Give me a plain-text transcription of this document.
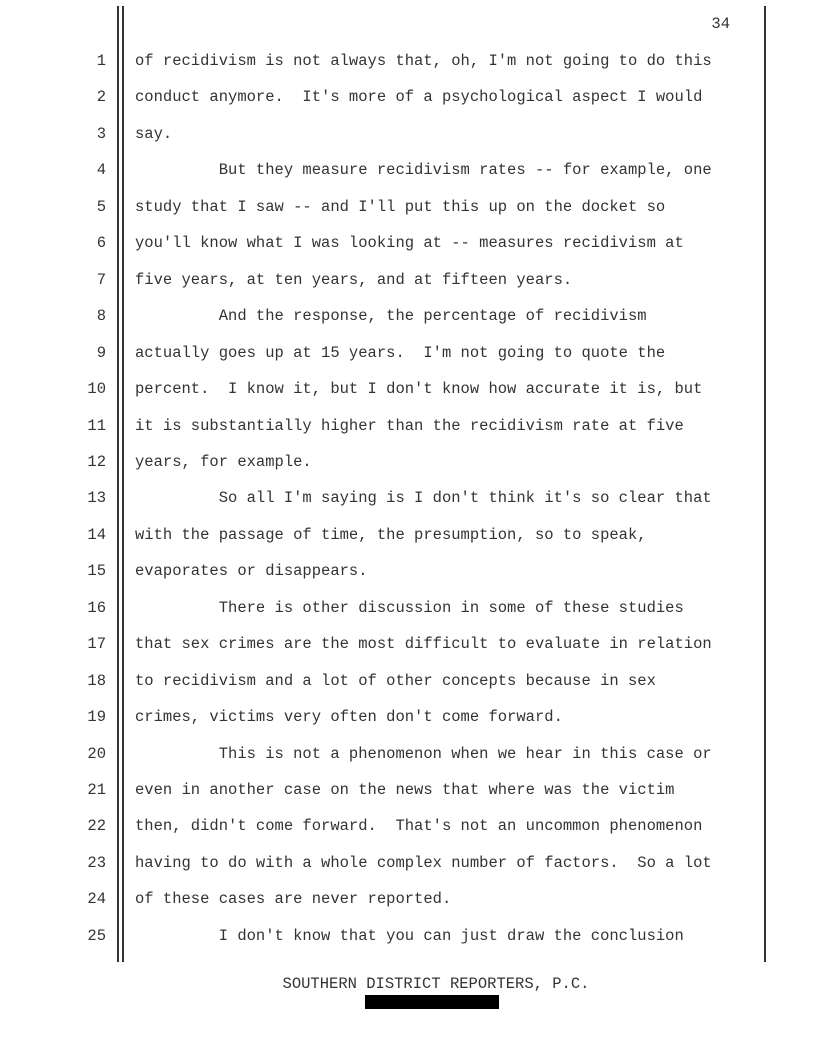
34
1 of recidivism is not always that, oh, I'm not going to do this
2 conduct anymore.  It's more of a psychological aspect I would
3 say.
4 But they measure recidivism rates -- for example, one
5 study that I saw -- and I'll put this up on the docket so
6 you'll know what I was looking at -- measures recidivism at
7 five years, at ten years, and at fifteen years.
8 And the response, the percentage of recidivism
9 actually goes up at 15 years.  I'm not going to quote the
10 percent.  I know it, but I don't know how accurate it is, but
11 it is substantially higher than the recidivism rate at five
12 years, for example.
13 So all I'm saying is I don't think it's so clear that
14 with the passage of time, the presumption, so to speak,
15 evaporates or disappears.
16 There is other discussion in some of these studies
17 that sex crimes are the most difficult to evaluate in relation
18 to recidivism and a lot of other concepts because in sex
19 crimes, victims very often don't come forward.
20 This is not a phenomenon when we hear in this case or
21 even in another case on the news that where was the victim
22 then, didn't come forward.  That's not an uncommon phenomenon
23 having to do with a whole complex number of factors.  So a lot
24 of these cases are never reported.
25 I don't know that you can just draw the conclusion
SOUTHERN DISTRICT REPORTERS, P.C.
